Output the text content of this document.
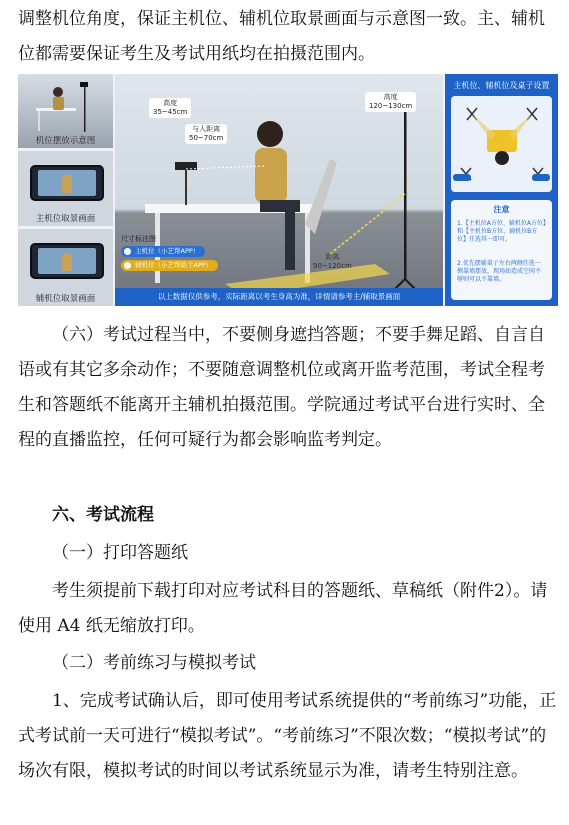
调整机位角度，保证主机位、辅机位取景画面与示意图一致。主、辅机位都需要保证考生及考试用纸均在拍摄范围内。

机位摆放示意图
主机位取景画面
辅机位取景画面
高度
35~45cm
与人距离
50~70cm
高度
120~130cm
距离
90~120cm
尺寸标注图
主机位（小艺帮APP）
辅机位（小艺帮助手APP）
以上数据仅供参考，实际距离以考生身高为准，详情请参考主/辅取景画面
主机位、辅机位及桌子设置
注意
1.【主机位A方位、辅机位A方位】和【主机位B方位、辅机位B方位】任选其一即可。
2.优先摆辅桌子左右两侧任选一侧靠墙摆放，现场如造成空间不够则可以不靠墙。

（六）考试过程当中，不要侧身遮挡答题；不要手舞足蹈、自言自语或有其它多余动作；不要随意调整机位或离开监考范围，考试全程考生和答题纸不能离开主辅机拍摄范围。学院通过考试平台进行实时、全程的直播监控，任何可疑行为都会影响监考判定。

六、考试流程

（一）打印答题纸

考生须提前下载打印对应考试科目的答题纸、草稿纸（附件2）。请使用 A4 纸无缩放打印。

（二）考前练习与模拟考试

1、完成考试确认后，即可使用考试系统提供的“考前练习”功能，正式考试前一天可进行“模拟考试”。“考前练习”不限次数；“模拟考试”的场次有限，模拟考试的时间以考试系统显示为准，请考生特别注意。
